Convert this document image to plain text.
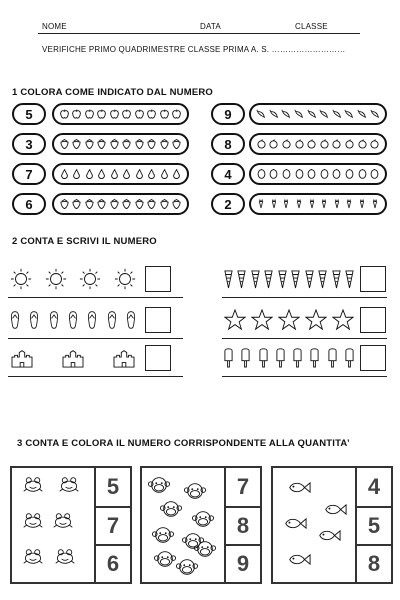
NOME	DATA	CLASSE
VERIFICHE PRIMO QUADRIMESTRE CLASSE PRIMA A. S. ………………………
1 COLORA COME INDICATO DAL NUMERO
5
3
7
6
9
8
4
2
2 CONTA E SCRIVI IL NUMERO
3 CONTA E COLORA IL NUMERO CORRISPONDENTE ALLA QUANTITA’
5
7
6
7
8
9
4
5
8
